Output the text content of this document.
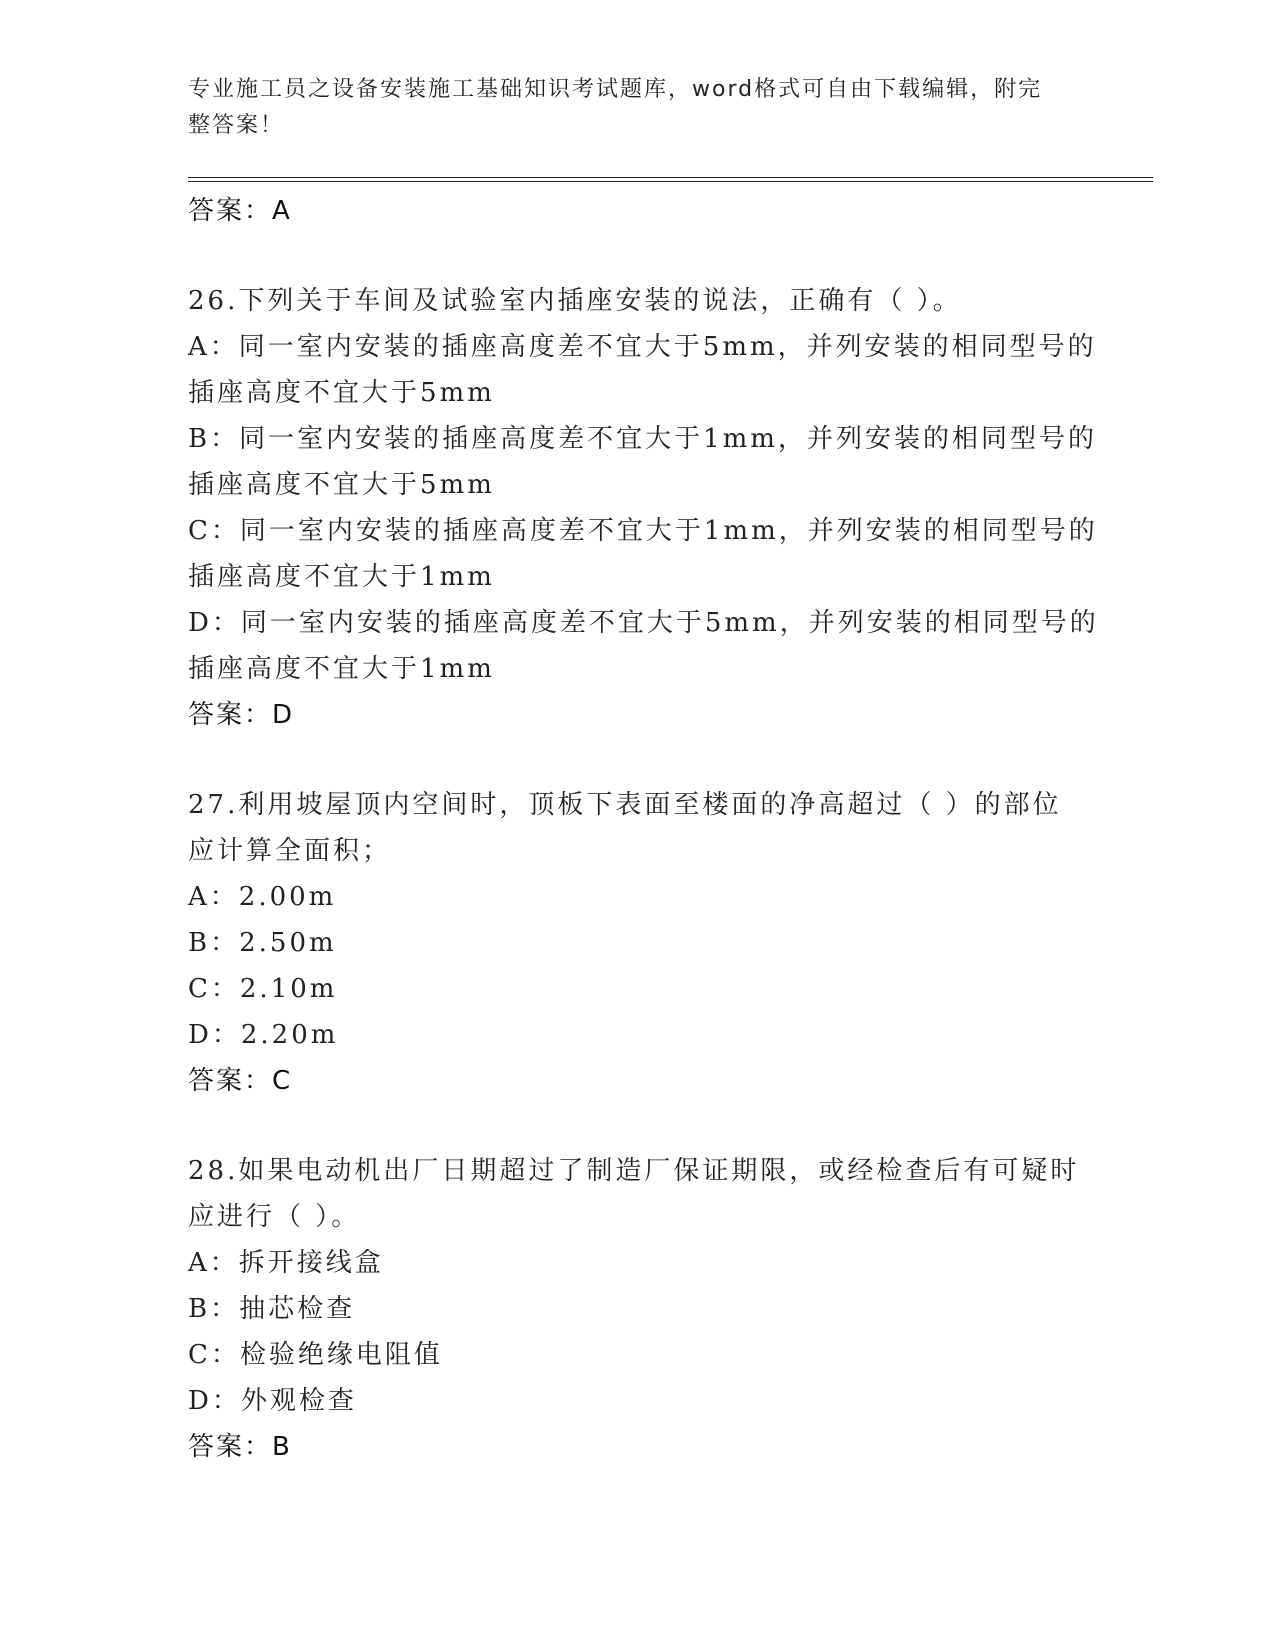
专业施工员之设备安装施工基础知识考试题库，word格式可自由下载编辑，附完
整答案！
答案：A
26.下列关于车间及试验室内插座安装的说法，正确有（ ）。
A：同一室内安装的插座高度差不宜大于5mm，并列安装的相同型号的
插座高度不宜大于5mm
B：同一室内安装的插座高度差不宜大于1mm，并列安装的相同型号的
插座高度不宜大于5mm
C：同一室内安装的插座高度差不宜大于1mm，并列安装的相同型号的
插座高度不宜大于1mm
D：同一室内安装的插座高度差不宜大于5mm，并列安装的相同型号的
插座高度不宜大于1mm
答案：D
27.利用坡屋顶内空间时，顶板下表面至楼面的净高超过（ ）的部位
应计算全面积；
A：2.00m
B：2.50m
C：2.10m
D：2.20m
答案：C
28.如果电动机出厂日期超过了制造厂保证期限，或经检查后有可疑时
应进行（ ）。
A：拆开接线盒
B：抽芯检查
C：检验绝缘电阻值
D：外观检查
答案：B
